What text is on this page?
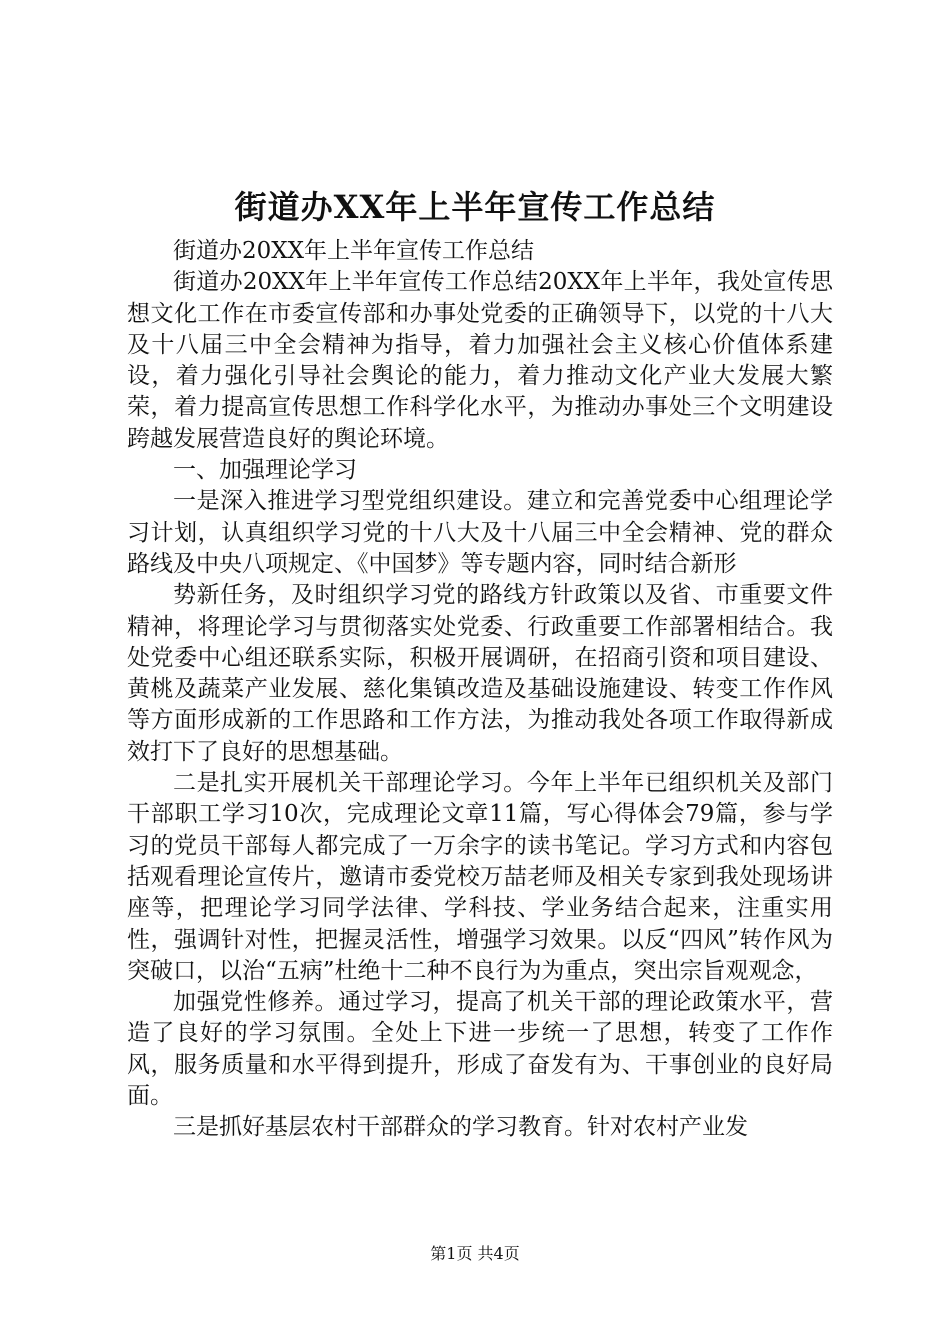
街道办XX年上半年宣传工作总结

街道办20XX年上半年宣传工作总结

街道办20XX年上半年宣传工作总结20XX年上半年，我处宣传思想文化工作在市委宣传部和办事处党委的正确领导下，以党的十八大及十八届三中全会精神为指导，着力加强社会主义核心价值体系建设，着力强化引导社会舆论的能力，着力推动文化产业大发展大繁荣，着力提高宣传思想工作科学化水平，为推动办事处三个文明建设跨越发展营造良好的舆论环境。

一、加强理论学习

一是深入推进学习型党组织建设。建立和完善党委中心组理论学习计划，认真组织学习党的十八大及十八届三中全会精神、党的群众路线及中央八项规定、《中国梦》等专题内容，同时结合新形

势新任务，及时组织学习党的路线方针政策以及省、市重要文件精神，将理论学习与贯彻落实处党委、行政重要工作部署相结合。我处党委中心组还联系实际，积极开展调研，在招商引资和项目建设、黄桃及蔬菜产业发展、慈化集镇改造及基础设施建设、转变工作作风等方面形成新的工作思路和工作方法，为推动我处各项工作取得新成效打下了良好的思想基础。

二是扎实开展机关干部理论学习。今年上半年已组织机关及部门干部职工学习10次，完成理论文章11篇，写心得体会79篇，参与学习的党员干部每人都完成了一万余字的读书笔记。学习方式和内容包括观看理论宣传片，邀请市委党校万喆老师及相关专家到我处现场讲座等，把理论学习同学法律、学科技、学业务结合起来，注重实用性，强调针对性，把握灵活性，增强学习效果。以反“四风”转作风为突破口，以治“五病”杜绝十二种不良行为为重点，突出宗旨观观念，

加强党性修养。通过学习，提高了机关干部的理论政策水平，营造了良好的学习氛围。全处上下进一步统一了思想，转变了工作作风，服务质量和水平得到提升，形成了奋发有为、干事创业的良好局面。

三是抓好基层农村干部群众的学习教育。针对农村产业发

第1页 共4页
